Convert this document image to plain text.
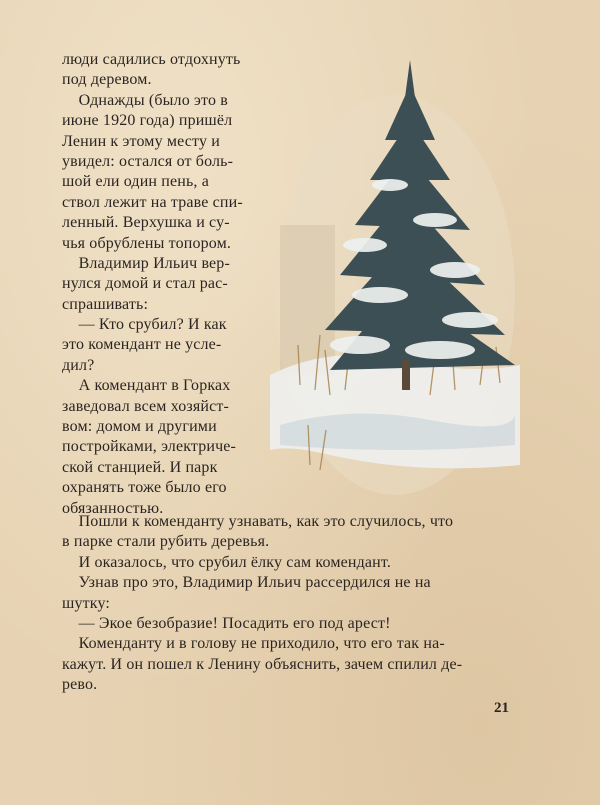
люди садились отдохнуть
под деревом.
Однажды (было это в
июне 1920 года) пришёл
Ленин к этому месту и
увидел: остался от боль-
шой ели один пень, а
ствол лежит на траве спи-
ленный. Верхушка и су-
чья обрублены топором.
Владимир Ильич вер-
нулся домой и стал рас-
спрашивать:
— Кто срубил? И как
это комендант не усле-
дил?
А комендант в Горках
заведовал всем хозяйст-
вом: домом и другими
постройками, электриче-
ской станцией. И парк
охранять тоже было его
обязанностью.
Пошли к коменданту узнавать, как это случилось, что
в парке стали рубить деревья.
И оказалось, что срубил ёлку сам комендант.
Узнав про это, Владимир Ильич рассердился не на
шутку:
— Экое безобразие! Посадить его под арест!
Коменданту и в голову не приходило, что его так на-
кажут. И он пошел к Ленину объяснить, зачем спилил де-
рево.
21
